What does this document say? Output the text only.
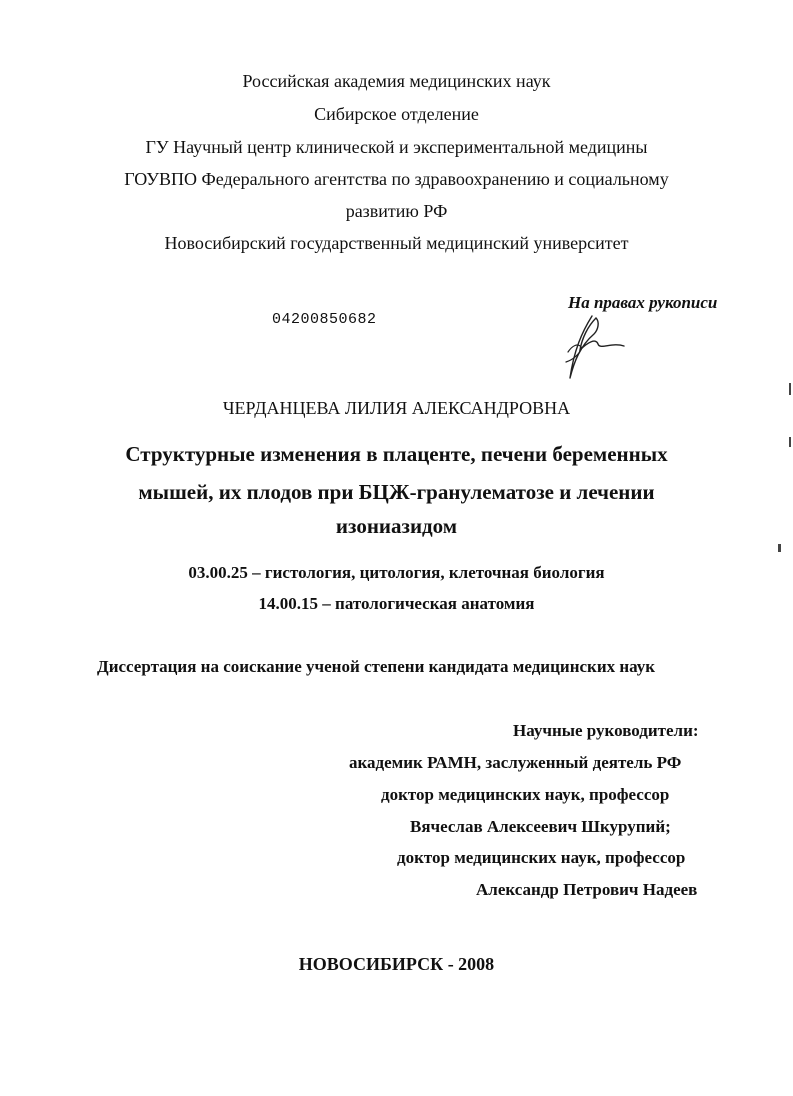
Российская академия медицинских наук
Сибирское отделение
ГУ Научный центр клинической и экспериментальной медицины
ГОУВПО Федерального агентства по здравоохранению и социальному
развитию РФ
Новосибирский государственный медицинский университет
04200850682
На правах рукописи
ЧЕРДАНЦЕВА ЛИЛИЯ АЛЕКСАНДРОВНА
Структурные изменения в плаценте, печени беременных
мышей, их плодов при БЦЖ-гранулематозе и лечении
изониазидом
03.00.25 – гистология, цитология, клеточная биология
14.00.15 – патологическая анатомия
Диссертация на соискание ученой степени кандидата медицинских наук
Научные руководители:
академик РАМН, заслуженный деятель РФ
доктор медицинских наук, профессор
Вячеслав Алексеевич Шкурупий;
доктор медицинских наук, профессор
Александр Петрович Надеев
НОВОСИБИРСК - 2008
